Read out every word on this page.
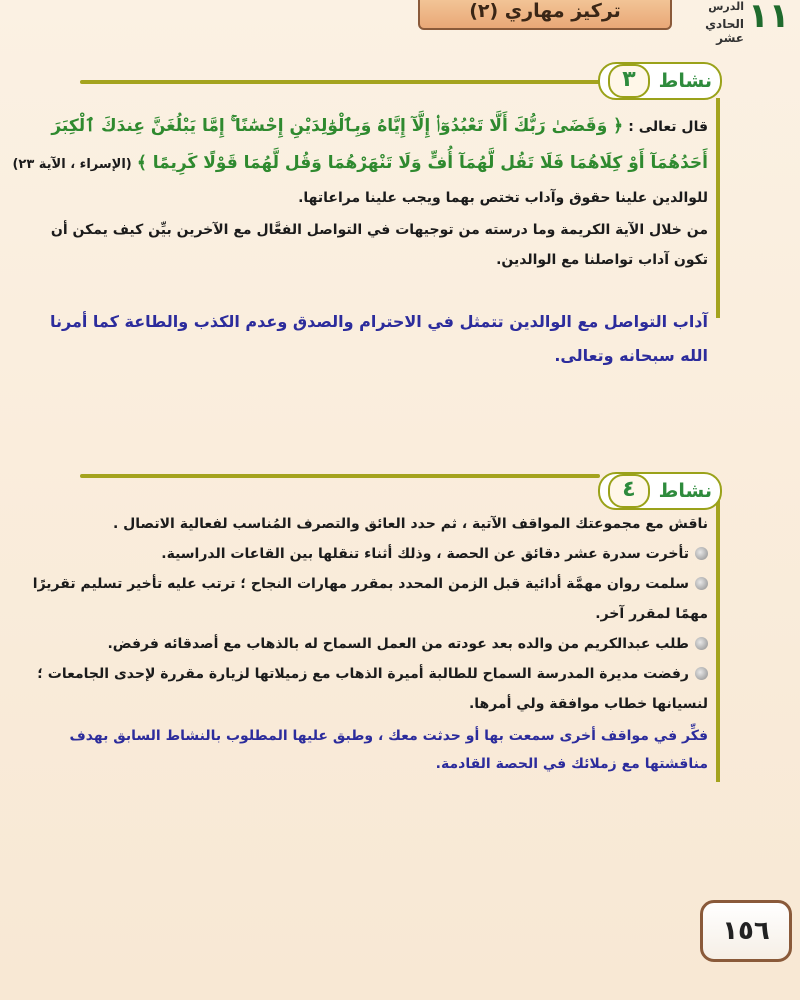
تركيز مهاري (٢)	١١
الدرس
الحادي عشر
نشاط
٣
قال تعالى : ﴿ وَقَضَىٰ رَبُّكَ أَلَّا تَعْبُدُوٓا۟ إِلَّآ إِيَّاهُ وَبِٱلْوَٰلِدَيْنِ إِحْسَٰنًا ۚ إِمَّا يَبْلُغَنَّ عِندَكَ ٱلْكِبَرَ
أَحَدُهُمَآ أَوْ كِلَاهُمَا فَلَا تَقُل لَّهُمَآ أُفٍّ وَلَا تَنْهَرْهُمَا وَقُل لَّهُمَا قَوْلًا كَرِيمًا ﴾ (الإسراء ، الآية ٢٣)
للوالدين علينا حقوق وآداب تختص بهما ويجب علينا مراعاتها.
من خلال الآية الكريمة وما درسته من توجيهات في التواصل الفعَّال مع الآخرين بيِّن كيف يمكن أن
تكون آداب تواصلنا مع الوالدين.
آداب التواصل مع الوالدين تتمثل في الاحترام والصدق وعدم الكذب والطاعة كما أمرنا
الله سبحانه وتعالى.
نشاط
٤
ناقش مع مجموعتك المواقف الآتية ، ثم حدد العائق والتصرف المُناسب لفعالية الاتصال .
تأخرت سدرة عشر دقائق عن الحصة ، وذلك أثناء تنقلها بين القاعات الدراسية.
سلمت روان مهمَّة أدائية قبل الزمن المحدد بمقرر مهارات النجاح ؛ ترتب عليه تأخير تسليم تقريرًا
مهمًا لمقرر آخر.
طلب عبدالكريم من والده بعد عودته من العمل السماح له بالذهاب مع أصدقائه فرفض.
رفضت مديرة المدرسة السماح للطالبة أميرة الذهاب مع زميلاتها لزيارة مقررة لإحدى الجامعات ؛
لنسيانها خطاب موافقة ولي أمرها.
فكِّر في مواقف أخرى سمعت بها أو حدثت معك ، وطبق عليها المطلوب بالنشاط السابق بهدف
مناقشتها مع زملائك في الحصة القادمة.
١٥٦
